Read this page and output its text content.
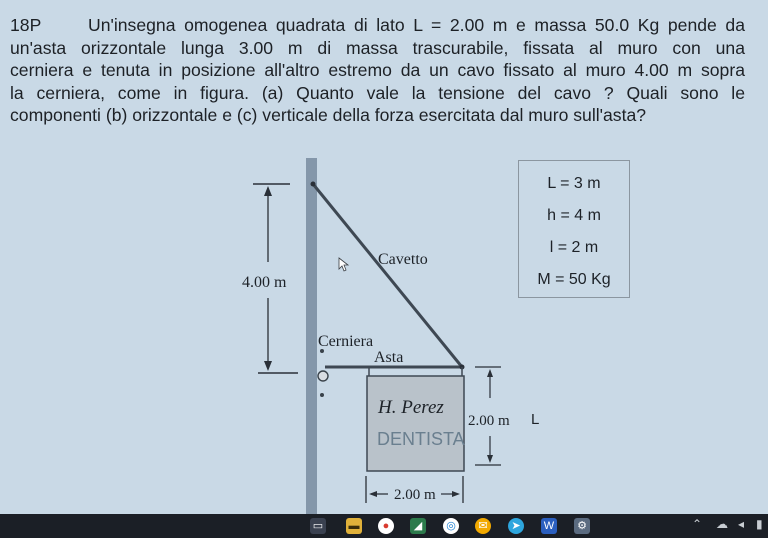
18P	Un'insegna omogenea quadrata di lato L = 2.00 m e massa 50.0 Kg pende da
un'asta orizzontale lunga 3.00 m di massa trascurabile, fissata al muro con una
cerniera e tenuta in posizione all'altro estremo da un cavo fissato al muro 4.00 m sopra
la cerniera, come in figura. (a) Quanto vale la tensione del cavo ? Quali sono le
componenti (b) orizzontale e (c) verticale della forza esercitata dal muro sull'asta?
H. Perez
DENTISTA
4.00 m
Cavetto
Cerniera
Asta
2.00 m L
2.00 m
L = 3 m
h = 4 m
l = 2 m
M = 50 Kg
▭ ▬	●	◢	◎	✉	➤	W ⚙	⌃ ☁ ◂ ▮
